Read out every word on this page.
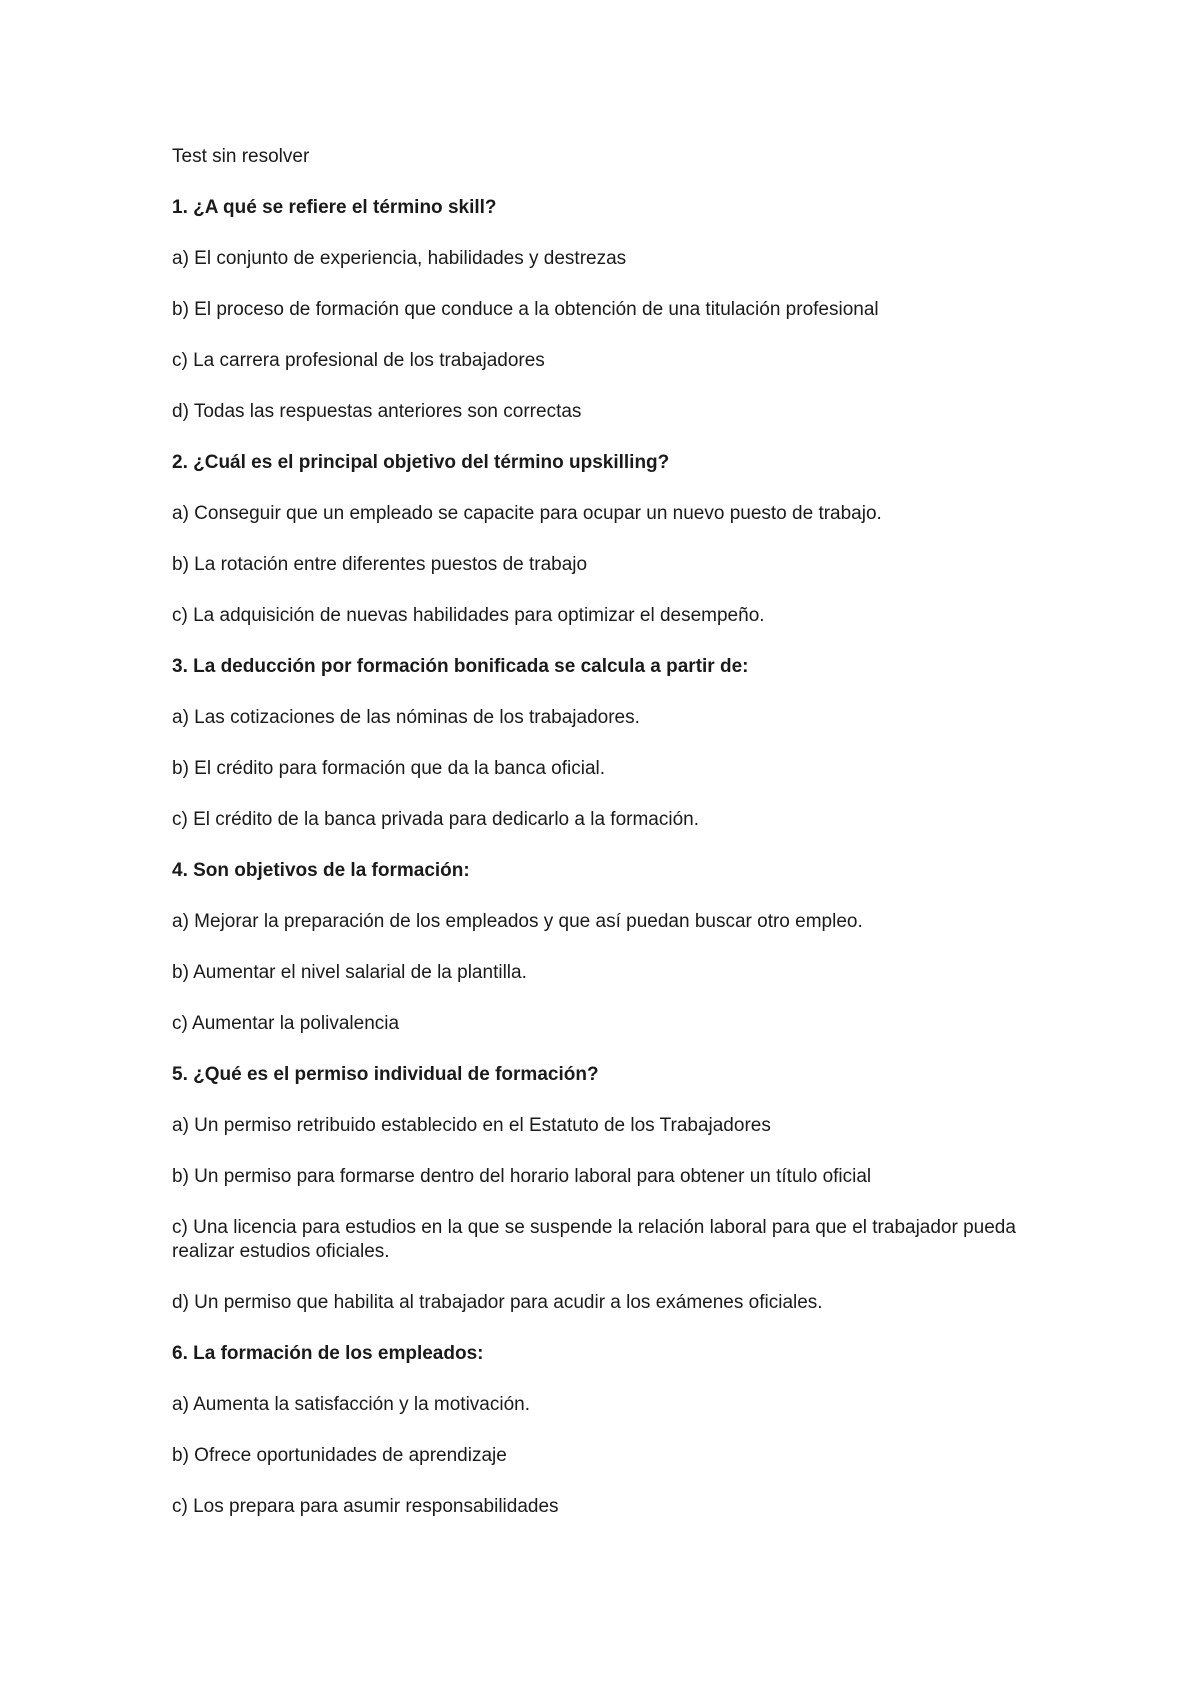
Test sin resolver

1. ¿A qué se refiere el término skill?

a) El conjunto de experiencia, habilidades y destrezas
b) El proceso de formación que conduce a la obtención de una titulación profesional
c) La carrera profesional de los trabajadores
d) Todas las respuestas anteriores son correctas

2. ¿Cuál es el principal objetivo del término upskilling?

a) Conseguir que un empleado se capacite para ocupar un nuevo puesto de trabajo.
b) La rotación entre diferentes puestos de trabajo
c) La adquisición de nuevas habilidades para optimizar el desempeño.

3. La deducción por formación bonificada se calcula a partir de:

a) Las cotizaciones de las nóminas de los trabajadores.
b) El crédito para formación que da la banca oficial.
c) El crédito de la banca privada para dedicarlo a la formación.

4. Son objetivos de la formación:

a) Mejorar la preparación de los empleados y que así puedan buscar otro empleo.
b) Aumentar el nivel salarial de la plantilla.
c) Aumentar la polivalencia

5. ¿Qué es el permiso individual de formación?

a) Un permiso retribuido establecido en el Estatuto de los Trabajadores
b) Un permiso para formarse dentro del horario laboral para obtener un título oficial
c) Una licencia para estudios en la que se suspende la relación laboral para que el trabajador pueda realizar estudios oficiales.
d) Un permiso que habilita al trabajador para acudir a los exámenes oficiales.

6. La formación de los empleados:

a) Aumenta la satisfacción y la motivación.
b) Ofrece oportunidades de aprendizaje
c) Los prepara para asumir responsabilidades
